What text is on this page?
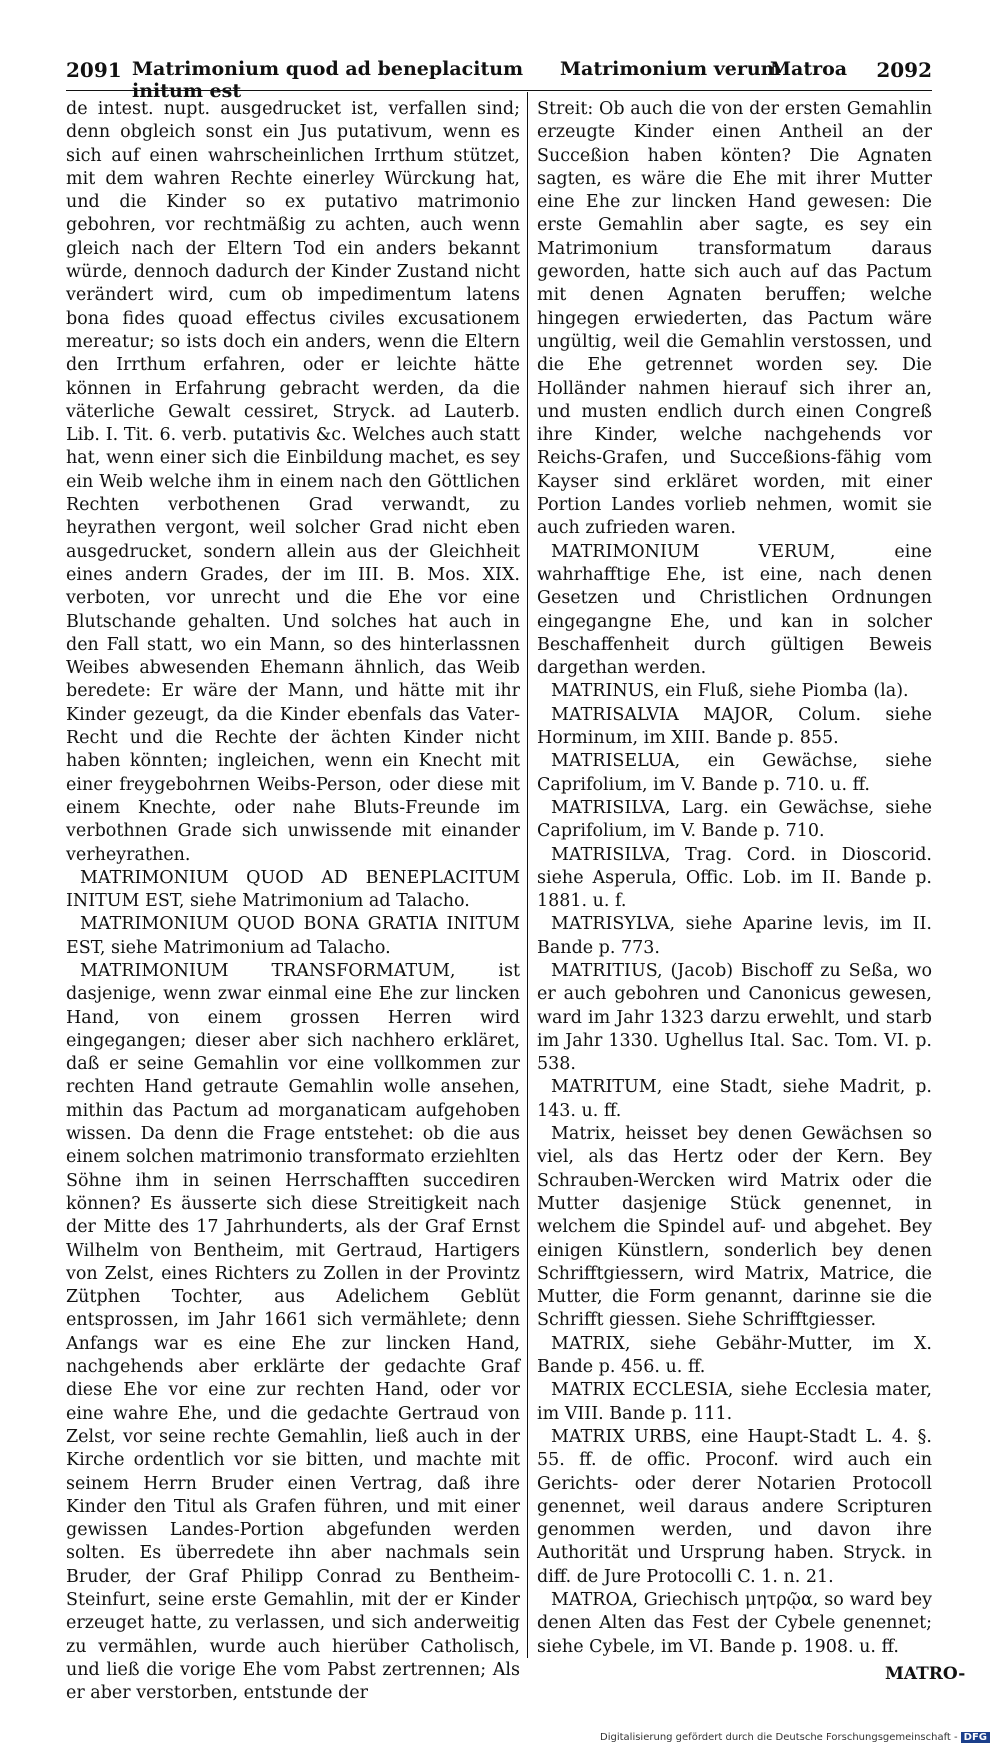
2091 Matrimonium quod ad beneplacitum initum est
Matrimonium verum
Matroa 2092

de intest. nupt. ausgedrucket ist, verfallen sind; denn obgleich sonst ein Jus putativum, wenn es sich auf einen wahrscheinlichen Irrthum stützet, mit dem wahren Rechte einerley Würckung hat, und die Kinder so ex putativo matrimonio gebohren, vor rechtmäßig zu achten, auch wenn gleich nach der Eltern Tod ein anders bekannt würde, dennoch dadurch der Kinder Zustand nicht verändert wird, cum ob impedimentum latens bona fides quoad effectus civiles excusationem mereatur; so ists doch ein anders, wenn die Eltern den Irrthum erfahren, oder er leichte hätte können in Erfahrung gebracht werden, da die väterliche Gewalt cessiret, Stryck. ad Lauterb. Lib. I. Tit. 6. verb. putativis &c. Welches auch statt hat, wenn einer sich die Einbildung machet, es sey ein Weib welche ihm in einem nach den Göttlichen Rechten verbothenen Grad verwandt, zu heyrathen vergont, weil solcher Grad nicht eben ausgedrucket, sondern allein aus der Gleichheit eines andern Grades, der im III. B. Mos. XIX. verboten, vor unrecht und die Ehe vor eine Blutschande gehalten. Und solches hat auch in den Fall statt, wo ein Mann, so des hinterlassnen Weibes abwesenden Ehemann ähnlich, das Weib beredete: Er wäre der Mann, und hätte mit ihr Kinder gezeugt, da die Kinder ebenfals das Vater-Recht und die Rechte der ächten Kinder nicht haben könnten; ingleichen, wenn ein Knecht mit einer freygebohrnen Weibs-Person, oder diese mit einem Knechte, oder nahe Bluts-Freunde im verbothnen Grade sich unwissende mit einander verheyrathen.

MATRIMONIUM QUOD AD BENEPLACITUM INITUM EST, siehe Matrimonium ad Talacho.

MATRIMONIUM QUOD BONA GRATIA INITUM EST, siehe Matrimonium ad Talacho.

MATRIMONIUM TRANSFORMATUM, ist dasjenige, wenn zwar einmal eine Ehe zur lincken Hand, von einem grossen Herren wird eingegangen; dieser aber sich nachhero erkläret, daß er seine Gemahlin vor eine vollkommen zur rechten Hand getraute Gemahlin wolle ansehen, mithin das Pactum ad morganaticam aufgehoben wissen. Da denn die Frage entstehet: ob die aus einem solchen matrimonio transformato erziehlten Söhne ihm in seinen Herrschafften succediren können? Es äusserte sich diese Streitigkeit nach der Mitte des 17 Jahrhunderts, als der Graf Ernst Wilhelm von Bentheim, mit Gertraud, Hartigers von Zelst, eines Richters zu Zollen in der Provintz Zütphen Tochter, aus Adelichem Geblüt entsprossen, im Jahr 1661 sich vermählete; denn Anfangs war es eine Ehe zur lincken Hand, nachgehends aber erklärte der gedachte Graf diese Ehe vor eine zur rechten Hand, oder vor eine wahre Ehe, und die gedachte Gertraud von Zelst, vor seine rechte Gemahlin, ließ auch in der Kirche ordentlich vor sie bitten, und machte mit seinem Herrn Bruder einen Vertrag, daß ihre Kinder den Titul als Grafen führen, und mit einer gewissen Landes-Portion abgefunden werden solten. Es überredete ihn aber nachmals sein Bruder, der Graf Philipp Conrad zu Bentheim-Steinfurt, seine erste Gemahlin, mit der er Kinder erzeuget hatte, zu verlassen, und sich anderweitig zu vermählen, wurde auch hierüber Catholisch, und ließ die vorige Ehe vom Pabst zertrennen; Als er aber verstorben, entstunde der

Streit: Ob auch die von der ersten Gemahlin erzeugte Kinder einen Antheil an der Succeßion haben könten? Die Agnaten sagten, es wäre die Ehe mit ihrer Mutter eine Ehe zur lincken Hand gewesen: Die erste Gemahlin aber sagte, es sey ein Matrimonium transformatum daraus geworden, hatte sich auch auf das Pactum mit denen Agnaten beruffen; welche hingegen erwiederten, das Pactum wäre ungültig, weil die Gemahlin verstossen, und die Ehe getrennet worden sey. Die Holländer nahmen hierauf sich ihrer an, und musten endlich durch einen Congreß ihre Kinder, welche nachgehends vor Reichs-Grafen, und Succeßions-fähig vom Kayser sind erkläret worden, mit einer Portion Landes vorlieb nehmen, womit sie auch zufrieden waren.

MATRIMONIUM VERUM, eine wahrhafftige Ehe, ist eine, nach denen Gesetzen und Christlichen Ordnungen eingegangne Ehe, und kan in solcher Beschaffenheit durch gültigen Beweis dargethan werden.

MATRINUS, ein Fluß, siehe Piomba (la).

MATRISALVIA MAJOR, Colum. siehe Horminum, im XIII. Bande p. 855.

MATRISELUA, ein Gewächse, siehe Caprifolium, im V. Bande p. 710. u. ff.

MATRISILVA, Larg. ein Gewächse, siehe Caprifolium, im V. Bande p. 710.

MATRISILVA, Trag. Cord. in Dioscorid. siehe Asperula, Offic. Lob. im II. Bande p. 1881. u. f.

MATRISYLVA, siehe Aparine levis, im II. Bande p. 773.

MATRITIUS, (Jacob) Bischoff zu Seßa, wo er auch gebohren und Canonicus gewesen, ward im Jahr 1323 darzu erwehlt, und starb im Jahr 1330. Ughellus Ital. Sac. Tom. VI. p. 538.

MATRITUM, eine Stadt, siehe Madrit, p. 143. u. ff.

Matrix, heisset bey denen Gewächsen so viel, als das Hertz oder der Kern. Bey Schrauben-Wercken wird Matrix oder die Mutter dasjenige Stück genennet, in welchem die Spindel auf- und abgehet. Bey einigen Künstlern, sonderlich bey denen Schrifftgiessern, wird Matrix, Matrice, die Mutter, die Form genannt, darinne sie die Schrifft giessen. Siehe Schrifftgiesser.

MATRIX, siehe Gebähr-Mutter, im X. Bande p. 456. u. ff.

MATRIX ECCLESIA, siehe Ecclesia mater, im VIII. Bande p. 111.

MATRIX URBS, eine Haupt-Stadt L. 4. §. 55. ff. de offic. Proconf. wird auch ein Gerichts- oder derer Notarien Protocoll genennet, weil daraus andere Scripturen genommen werden, und davon ihre Authorität und Ursprung haben. Stryck. in diff. de Jure Protocolli C. 1. n. 21.

MATROA, Griechisch μητρῷα, so ward bey denen Alten das Fest der Cybele genennet; siehe Cybele, im VI. Bande p. 1908. u. ff.

MATRO-
Digitalisierung gefördert durch die Deutsche Forschungsgemeinschaft - DFG
